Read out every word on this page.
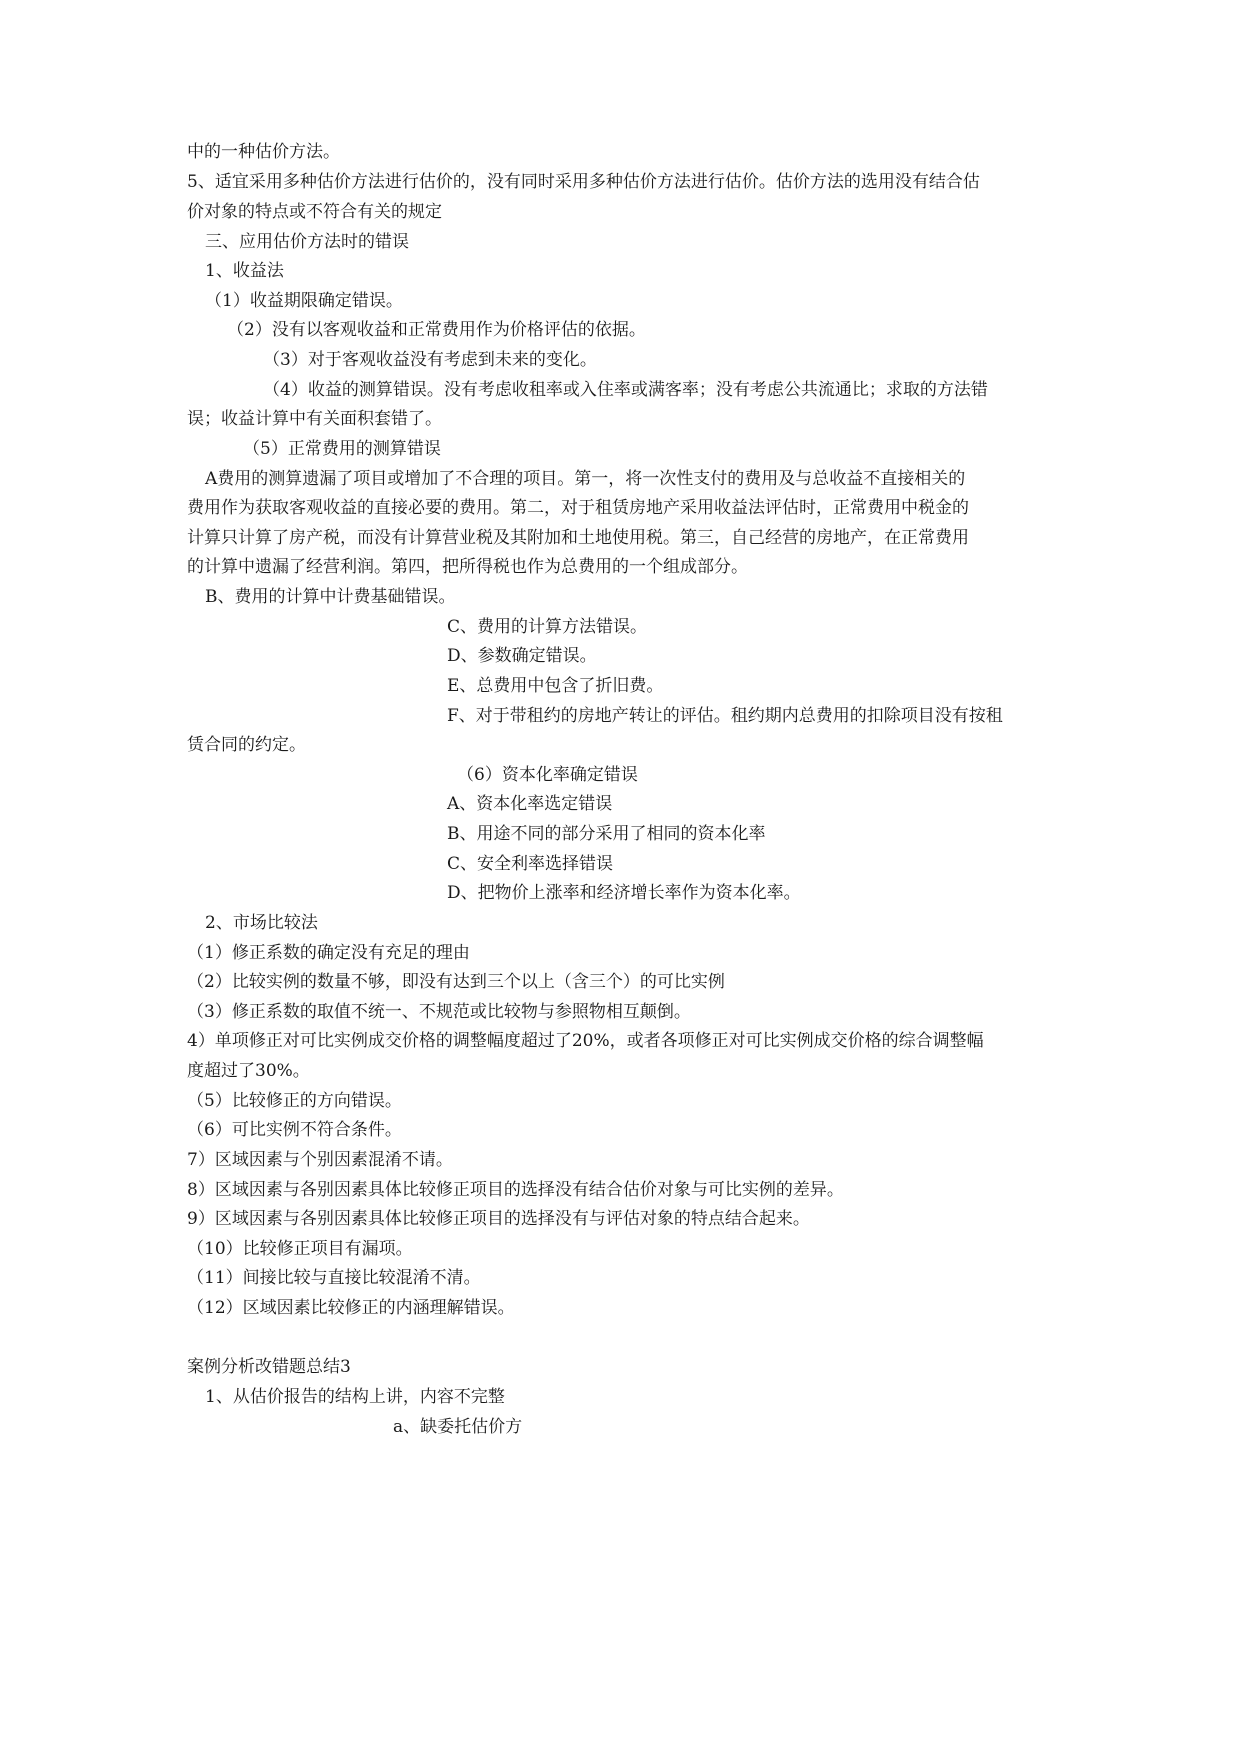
中的一种估价方法。

5、适宜采用多种估价方法进行估价的，没有同时采用多种估价方法进行估价。估价方法的选用没有结合估

价对象的特点或不符合有关的规定

三、应用估价方法时的错误

1、收益法

（1）收益期限确定错误。

（2）没有以客观收益和正常费用作为价格评估的依据。

（3）对于客观收益没有考虑到未来的变化。

（4）收益的测算错误。没有考虑收租率或入住率或满客率；没有考虑公共流通比；求取的方法错

误；收益计算中有关面积套错了。

（5）正常费用的测算错误

A费用的测算遗漏了项目或增加了不合理的项目。第一，将一次性支付的费用及与总收益不直接相关的

费用作为获取客观收益的直接必要的费用。第二，对于租赁房地产采用收益法评估时，正常费用中税金的

计算只计算了房产税，而没有计算营业税及其附加和土地使用税。第三，自己经营的房地产，在正常费用

的计算中遗漏了经营利润。第四，把所得税也作为总费用的一个组成部分。

B、费用的计算中计费基础错误。

C、费用的计算方法错误。

D、参数确定错误。

E、总费用中包含了折旧费。

F、对于带租约的房地产转让的评估。租约期内总费用的扣除项目没有按租

赁合同的约定。

（6）资本化率确定错误

A、资本化率选定错误

B、用途不同的部分采用了相同的资本化率

C、安全利率选择错误

D、把物价上涨率和经济增长率作为资本化率。

2、市场比较法

（1）修正系数的确定没有充足的理由

（2）比较实例的数量不够，即没有达到三个以上（含三个）的可比实例

（3）修正系数的取值不统一、不规范或比较物与参照物相互颠倒。

4）单项修正对可比实例成交价格的调整幅度超过了20%，或者各项修正对可比实例成交价格的综合调整幅

度超过了30%。

（5）比较修正的方向错误。

（6）可比实例不符合条件。

7）区域因素与个别因素混淆不请。

8）区域因素与各别因素具体比较修正项目的选择没有结合估价对象与可比实例的差异。

9）区域因素与各别因素具体比较修正项目的选择没有与评估对象的特点结合起来。

（10）比较修正项目有漏项。

（11）间接比较与直接比较混淆不清。

（12）区域因素比较修正的内涵理解错误。

案例分析改错题总结3

1、从估价报告的结构上讲，内容不完整

a、缺委托估价方
